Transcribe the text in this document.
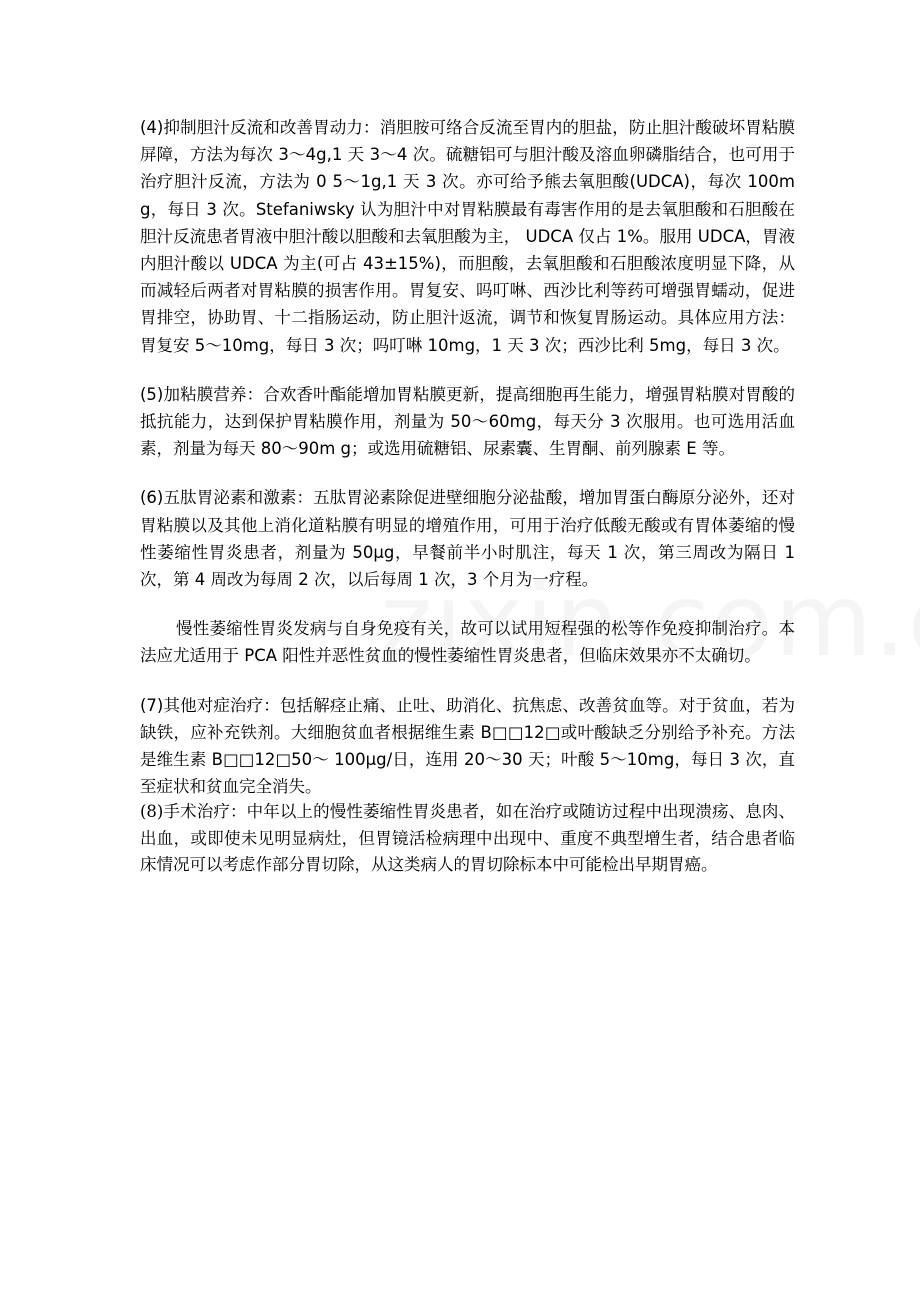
(4)抑制胆汁反流和改善胃动力：消胆胺可络合反流至胃内的胆盐，防止胆汁酸破坏胃粘膜屏障，方法为每次 3～4g,1 天 3～4 次。硫糖铝可与胆汁酸及溶血卵磷脂结合，也可用于治疗胆汁反流，方法为 0 5～1g,1 天 3 次。亦可给予熊去氧胆酸(UDCA)，每次 100mg，每日 3 次。Stefaniwsky 认为胆汁中对胃粘膜最有毒害作用的是去氧胆酸和石胆酸在胆汁反流患者胃液中胆汁酸以胆酸和去氧胆酸为主， UDCA 仅占 1%。服用 UDCA，胃液内胆汁酸以 UDCA 为主(可占 43±15%)，而胆酸，去氧胆酸和石胆酸浓度明显下降，从而减轻后两者对胃粘膜的损害作用。胃复安、吗叮啉、西沙比利等药可增强胃蠕动，促进胃排空，协助胃、十二指肠运动，防止胆汁返流，调节和恢复胃肠运动。具体应用方法：胃复安 5～10mg，每日 3 次；吗叮啉 10mg，1 天 3 次；西沙比利 5mg，每日 3 次。

(5)加粘膜营养：合欢香叶酯能增加胃粘膜更新，提高细胞再生能力，增强胃粘膜对胃酸的抵抗能力，达到保护胃粘膜作用，剂量为 50～60mg，每天分 3 次服用。也可选用活血素，剂量为每天 80～90m g；或选用硫糖铝、尿素囊、生胃酮、前列腺素 E 等。

(6)五肽胃泌素和激素：五肽胃泌素除促进壁细胞分泌盐酸，增加胃蛋白酶原分泌外，还对胃粘膜以及其他上消化道粘膜有明显的增殖作用，可用于治疗低酸无酸或有胃体萎缩的慢性萎缩性胃炎患者，剂量为 50μg，早餐前半小时肌注，每天 1 次，第三周改为隔日 1 次，第 4 周改为每周 2 次，以后每周 1 次，3 个月为一疗程。

慢性萎缩性胃炎发病与自身免疫有关，故可以试用短程强的松等作免疫抑制治疗。本法应尤适用于 PCA 阳性并恶性贫血的慢性萎缩性胃炎患者，但临床效果亦不太确切。

(7)其他对症治疗：包括解痉止痛、止吐、助消化、抗焦虑、改善贫血等。对于贫血，若为缺铁，应补充铁剂。大细胞贫血者根据维生素 B□□12□或叶酸缺乏分别给予补充。方法是维生素 B□□12□50～ 100μg/日，连用 20～30 天；叶酸 5～10mg，每日 3 次，直至症状和贫血完全消失。

(8)手术治疗：中年以上的慢性萎缩性胃炎患者，如在治疗或随访过程中出现溃疡、息肉、出血，或即使未见明显病灶，但胃镜活检病理中出现中、重度不典型增生者，结合患者临床情况可以考虑作部分胃切除，从这类病人的胃切除标本中可能检出早期胃癌。
